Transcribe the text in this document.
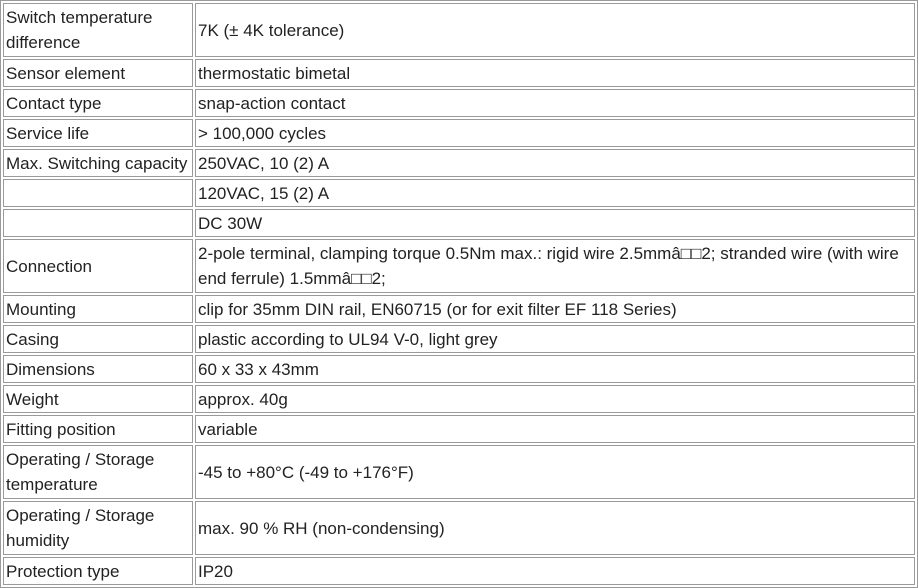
Switch temperature difference	7K (± 4K tolerance)
Sensor element	thermostatic bimetal
Contact type	snap-action contact
Service life	> 100,000 cycles
Max. Switching capacity	250VAC, 10 (2) A
	120VAC, 15 (2) A
	DC 30W
Connection	2-pole terminal, clamping torque 0.5Nm max.: rigid wire 2.5mmâ□□2; stranded wire (with wire end ferrule) 1.5mmâ□□2;
Mounting	clip for 35mm DIN rail, EN60715 (or for exit filter EF 118 Series)
Casing	plastic according to UL94 V-0, light grey
Dimensions	60 x 33 x 43mm
Weight	approx. 40g
Fitting position	variable
Operating / Storage temperature	-45 to +80°C (-49 to +176°F)
Operating / Storage humidity	max. 90 % RH (non-condensing)
Protection type	IP20
